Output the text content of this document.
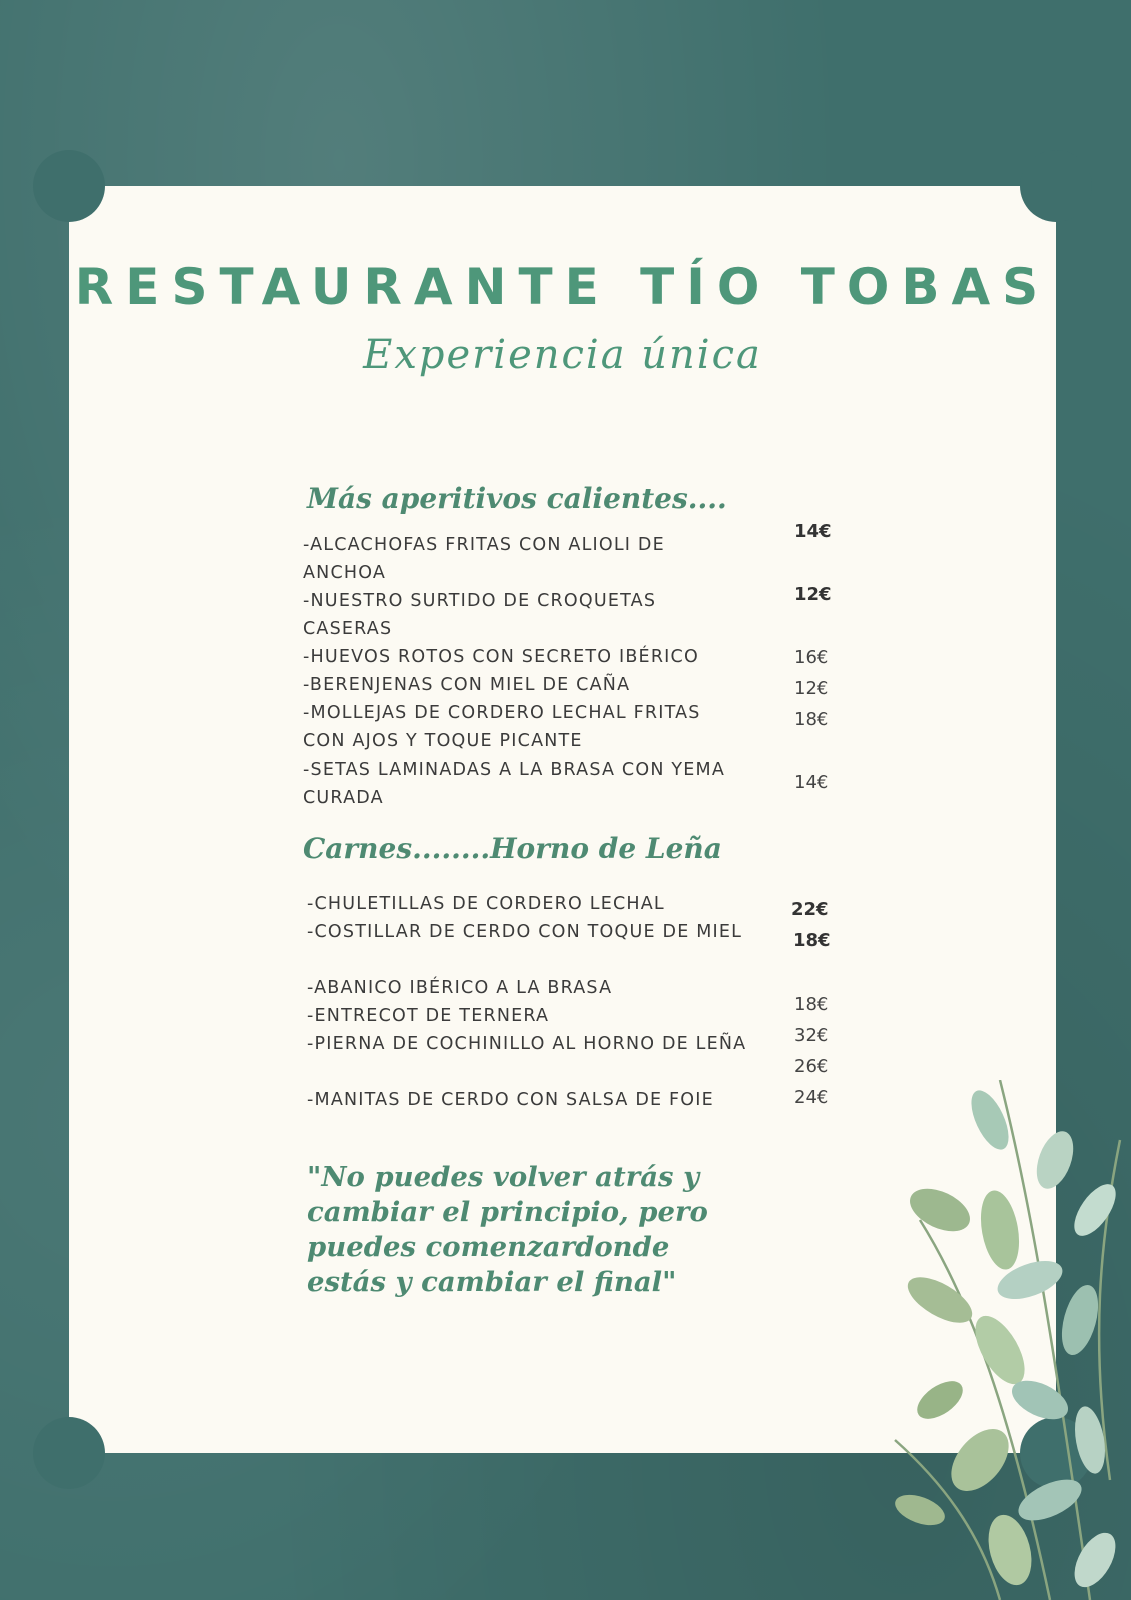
RESTAURANTE TÍO TOBAS
Experiencia única
Más aperitivos calientes....
-ALCACHOFAS FRITAS CON ALIOLI DE ANCHOA
14€
-NUESTRO SURTIDO DE CROQUETAS CASERAS
12€
-HUEVOS ROTOS CON SECRETO IBÉRICO	16€
-BERENJENAS CON MIEL DE CAÑA	12€
-MOLLEJAS DE CORDERO LECHAL FRITAS CON AJOS Y TOQUE PICANTE
18€
-SETAS LAMINADAS A LA BRASA CON YEMA CURADA
14€
Carnes........Horno de Leña
-CHULETILLAS DE CORDERO LECHAL	22€
-COSTILLAR DE CERDO CON TOQUE DE MIEL	18€
-ABANICO IBÉRICO A LA BRASA
18€
-ENTRECOT DE TERNERA
32€
-PIERNA DE COCHINILLO AL HORNO DE LEÑA
26€
-MANITAS DE CERDO CON SALSA DE FOIE	24€
"No puedes volver atrás y cambiar el principio, pero puedes comenzardonde estás y cambiar el final"
